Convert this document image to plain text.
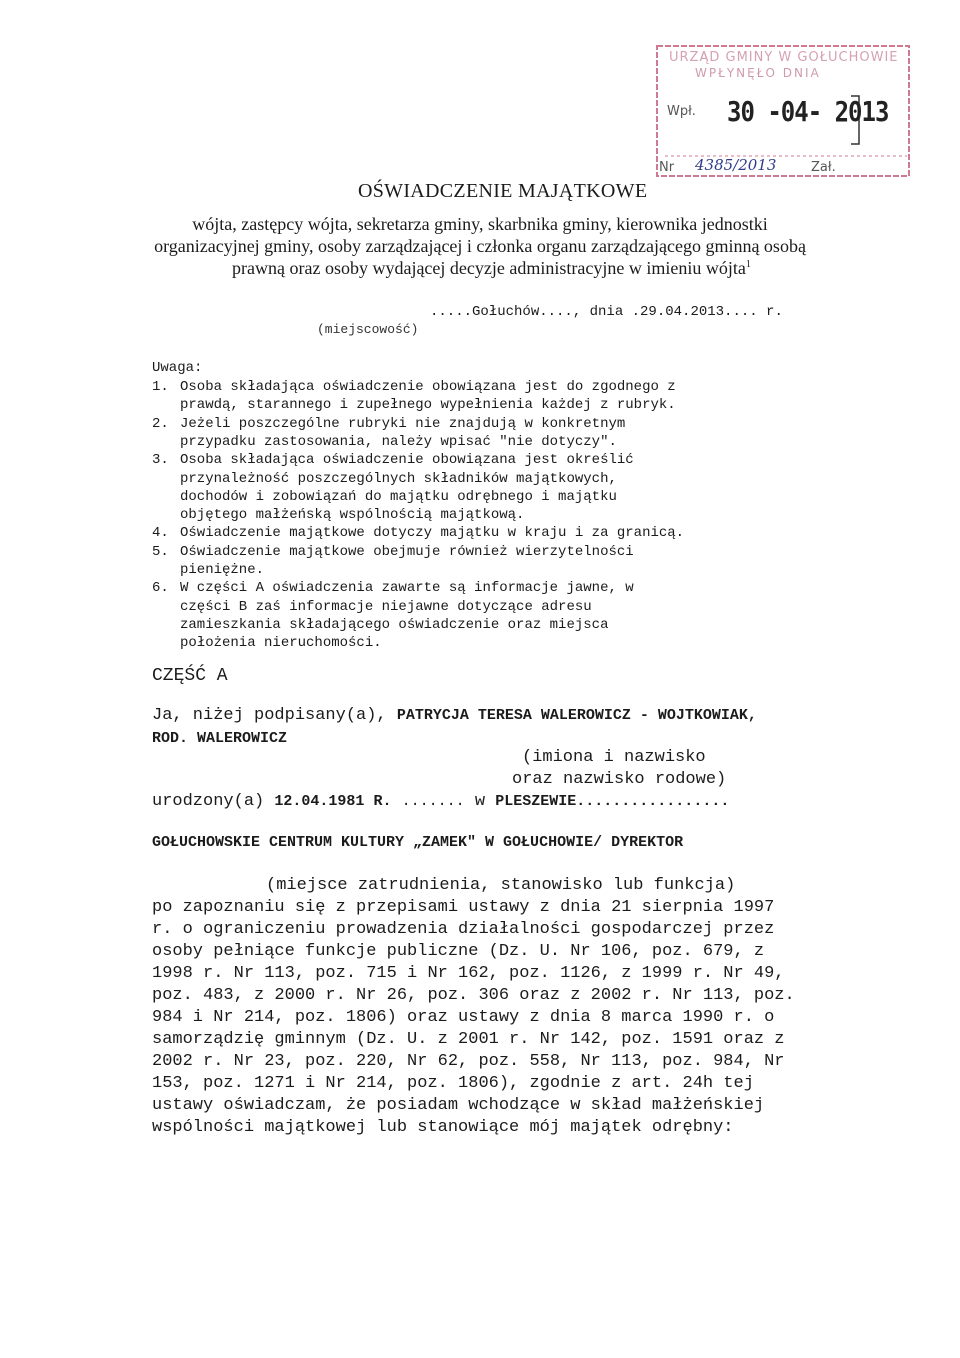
URZĄD GMINY W GOŁUCHOWIE
WPŁYNĘŁO DNIA
Wpł. 30 -04- 2013
Nr 4385/2013	Zał.
OŚWIADCZENIE MAJĄTKOWE
wójta, zastępcy wójta, sekretarza gminy, skarbnika gminy, kierownika jednostki
organizacyjnej gminy, osoby zarządzającej i członka organu zarządzającego gminną osobą
prawną oraz osoby wydającej decyzje administracyjne w imieniu wójta$^1$
.....Gołuchów...., dnia .29.04.2013.... r.
(miejscowość)
Uwaga:
1. Osoba składająca oświadczenie obowiązana jest do zgodnego z
prawdą, starannego i zupełnego wypełnienia każdej z rubryk.
2. Jeżeli poszczególne rubryki nie znajdują w konkretnym
przypadku zastosowania, należy wpisać "nie dotyczy".
3. Osoba składająca oświadczenie obowiązana jest określić
przynależność poszczególnych składników majątkowych,
dochodów i zobowiązań do majątku odrębnego i majątku
objętego małżeńską wspólnością majątkową.
4. Oświadczenie majątkowe dotyczy majątku w kraju i za granicą.
5. Oświadczenie majątkowe obejmuje również wierzytelności
pieniężne.
6. W części A oświadczenia zawarte są informacje jawne, w
części B zaś informacje niejawne dotyczące adresu
zamieszkania składającego oświadczenie oraz miejsca
położenia nieruchomości.
CZĘŚĆ A
Ja, niżej podpisany(a), PATRYCJA TERESA WALEROWICZ - WOJTKOWIAK,
ROD. WALEROWICZ
(imiona i nazwisko
oraz nazwisko rodowe)
urodzony(a) 12.04.1981 R. ....... w PLESZEWIE.................
GOŁUCHOWSKIE CENTRUM KULTURY „ZAMEK" W GOŁUCHOWIE/ DYREKTOR
(miejsce zatrudnienia, stanowisko lub funkcja)
po zapoznaniu się z przepisami ustawy z dnia 21 sierpnia 1997
r. o ograniczeniu prowadzenia działalności gospodarczej przez
osoby pełniące funkcje publiczne (Dz. U. Nr 106, poz. 679, z
1998 r. Nr 113, poz. 715 i Nr 162, poz. 1126, z 1999 r. Nr 49,
poz. 483, z 2000 r. Nr 26, poz. 306 oraz z 2002 r. Nr 113, poz.
984 i Nr 214, poz. 1806) oraz ustawy z dnia 8 marca 1990 r. o
samorządzię gminnym (Dz. U. z 2001 r. Nr 142, poz. 1591 oraz z
2002 r. Nr 23, poz. 220, Nr 62, poz. 558, Nr 113, poz. 984, Nr
153, poz. 1271 i Nr 214, poz. 1806), zgodnie z art. 24h tej
ustawy oświadczam, że posiadam wchodzące w skład małżeńskiej
wspólności majątkowej lub stanowiące mój majątek odrębny:
